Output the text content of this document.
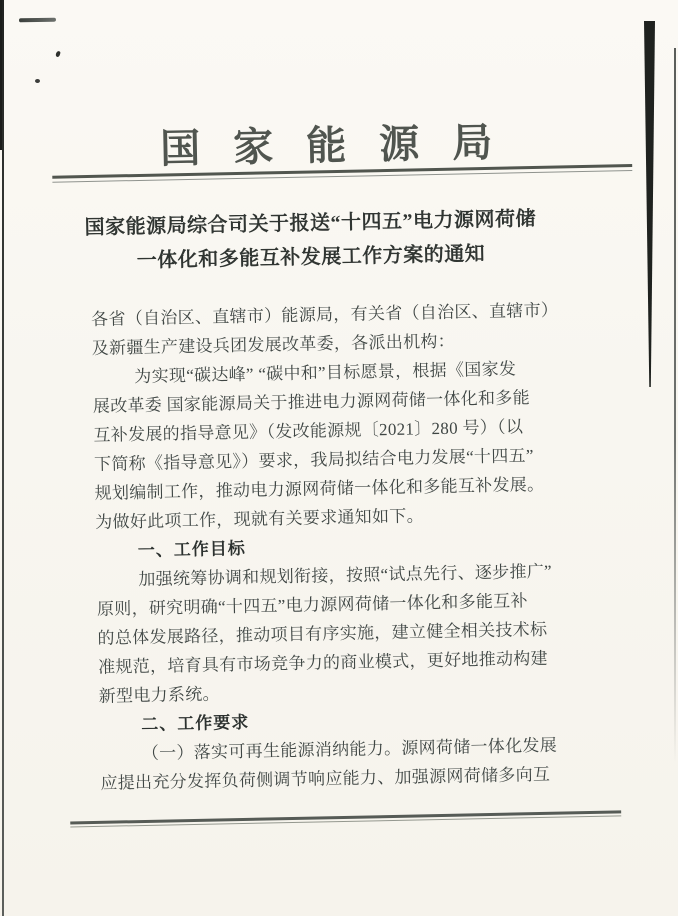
国家能源局
国家能源局综合司关于报送“十四五”电力源网荷储
一体化和多能互补发展工作方案的通知
各省（自治区、直辖市）能源局，有关省（自治区、直辖市）
及新疆生产建设兵团发展改革委，各派出机构：
为实现“碳达峰” “碳中和”目标愿景，根据《国家发
展改革委 国家能源局关于推进电力源网荷储一体化和多能
互补发展的指导意见》（发改能源规〔2021〕280 号）（以
下简称《指导意见》）要求，我局拟结合电力发展“十四五”
规划编制工作，推动电力源网荷储一体化和多能互补发展。
为做好此项工作，现就有关要求通知如下。
一、工作目标
加强统筹协调和规划衔接，按照“试点先行、逐步推广”
原则，研究明确“十四五”电力源网荷储一体化和多能互补
的总体发展路径，推动项目有序实施，建立健全相关技术标
准规范，培育具有市场竞争力的商业模式，更好地推动构建
新型电力系统。
二、工作要求
（一）落实可再生能源消纳能力。源网荷储一体化发展
应提出充分发挥负荷侧调节响应能力、加强源网荷储多向互
